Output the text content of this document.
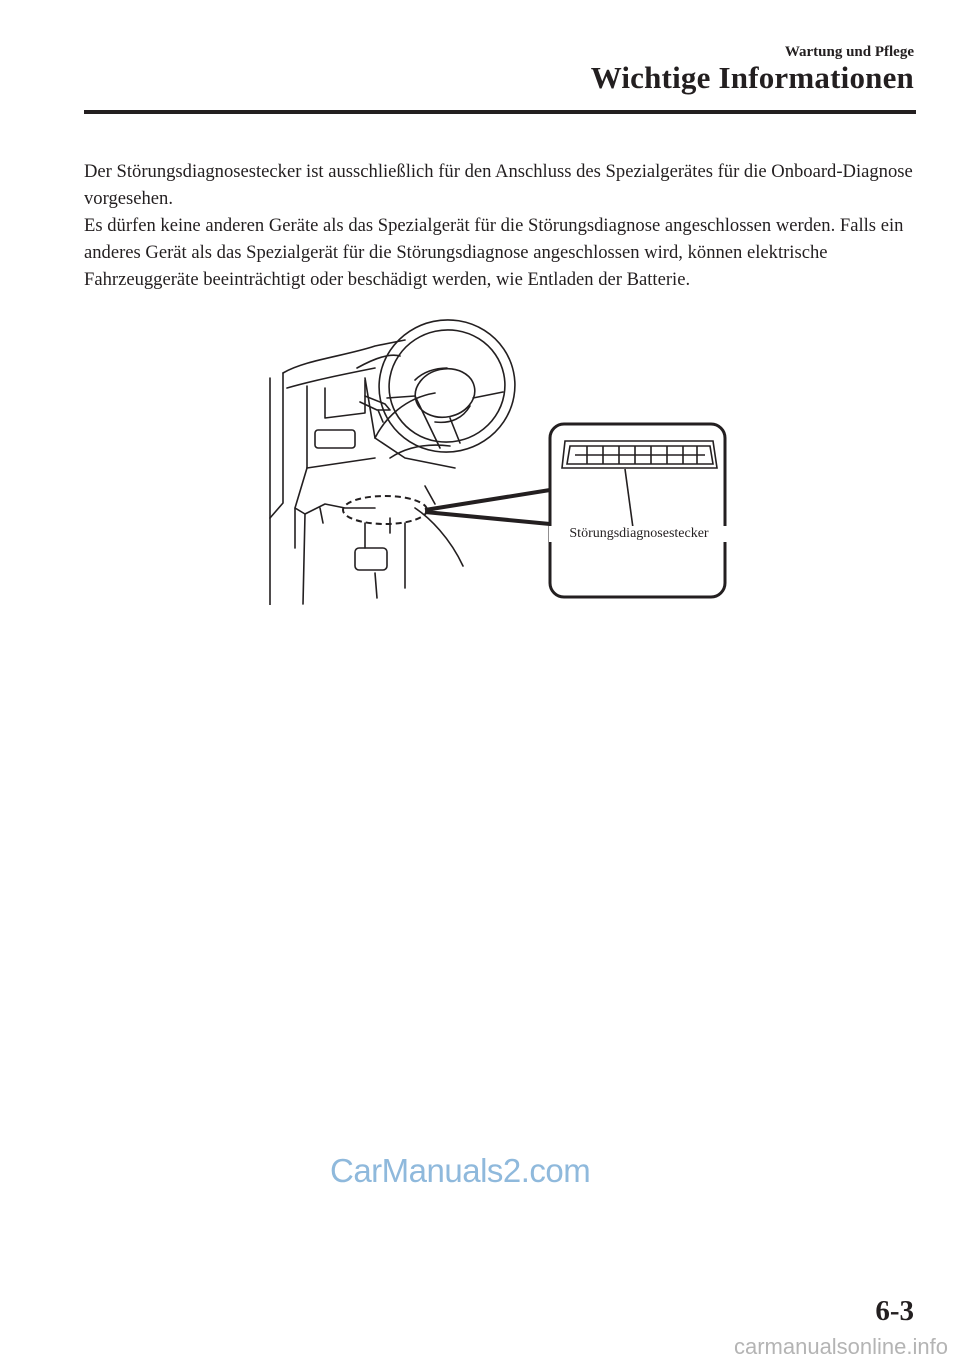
Wartung und Pflege
Wichtige Informationen

Der Störungsdiagnosestecker ist ausschließlich für den Anschluss des Spezialgerätes für die Onboard-Diagnose vorgesehen.

Es dürfen keine anderen Geräte als das Spezialgerät für die Störungsdiagnose angeschlossen werden. Falls ein anderes Gerät als das Spezialgerät für die Störungsdiagnose angeschlossen wird, können elektrische Fahrzeuggeräte beeinträchtigt oder beschädigt werden, wie Entladen der Batterie.

Störungsdiagnosestecker
CarManuals2.com
6-3
carmanualsonline.info
